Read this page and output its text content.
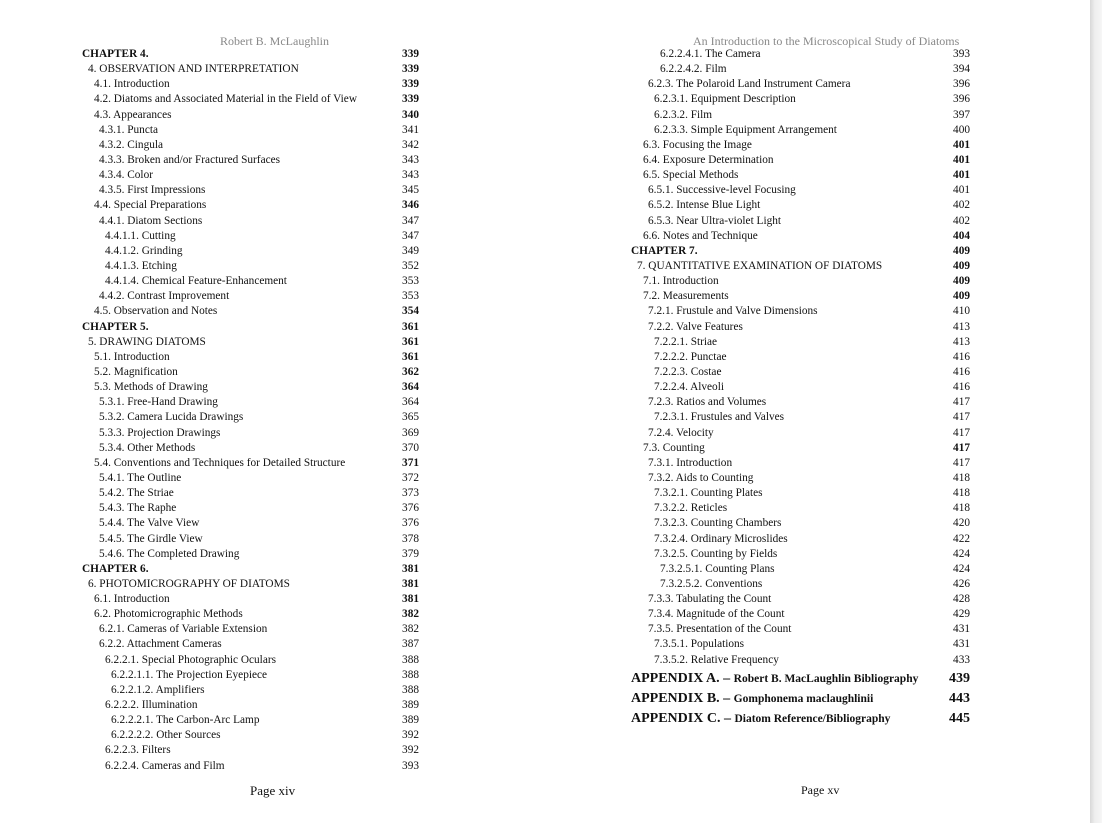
Robert B. McLaughlin
CHAPTER 4.	339
4. OBSERVATION AND INTERPRETATION	339
4.1. Introduction	339
4.2. Diatoms and Associated Material in the Field of View	339
4.3. Appearances	340
4.3.1. Puncta	341
4.3.2. Cingula	342
4.3.3. Broken and/or Fractured Surfaces	343
4.3.4. Color	343
4.3.5. First Impressions	345
4.4. Special Preparations	346
4.4.1. Diatom Sections	347
4.4.1.1. Cutting	347
4.4.1.2. Grinding	349
4.4.1.3. Etching	352
4.4.1.4. Chemical Feature-Enhancement	353
4.4.2. Contrast Improvement	353
4.5. Observation and Notes	354
CHAPTER 5.	361
5. DRAWING DIATOMS	361
5.1. Introduction	361
5.2. Magnification	362
5.3. Methods of Drawing	364
5.3.1. Free-Hand Drawing	364
5.3.2. Camera Lucida Drawings	365
5.3.3. Projection Drawings	369
5.3.4. Other Methods	370
5.4. Conventions and Techniques for Detailed Structure	371
5.4.1. The Outline	372
5.4.2. The Striae	373
5.4.3. The Raphe	376
5.4.4. The Valve View	376
5.4.5. The Girdle View	378
5.4.6. The Completed Drawing	379
CHAPTER 6.	381
6. PHOTOMICROGRAPHY OF DIATOMS	381
6.1. Introduction	381
6.2. Photomicrographic Methods	382
6.2.1. Cameras of Variable Extension	382
6.2.2. Attachment Cameras	387
6.2.2.1. Special Photographic Oculars	388
6.2.2.1.1. The Projection Eyepiece	388
6.2.2.1.2. Amplifiers	388
6.2.2.2. Illumination	389
6.2.2.2.1. The Carbon-Arc Lamp	389
6.2.2.2.2. Other Sources	392
6.2.2.3. Filters	392
6.2.2.4. Cameras and Film	393
Page xiv
An Introduction to the Microscopical Study of Diatoms
6.2.2.4.1. The Camera	393
6.2.2.4.2. Film	394
6.2.3. The Polaroid Land Instrument Camera	396
6.2.3.1. Equipment Description	396
6.2.3.2. Film	397
6.2.3.3. Simple Equipment Arrangement	400
6.3. Focusing the Image	401
6.4. Exposure Determination	401
6.5. Special Methods	401
6.5.1. Successive-level Focusing	401
6.5.2. Intense Blue Light	402
6.5.3. Near Ultra-violet Light	402
6.6. Notes and Technique	404
CHAPTER 7.	409
7. QUANTITATIVE EXAMINATION OF DIATOMS	409
7.1. Introduction	409
7.2. Measurements	409
7.2.1. Frustule and Valve Dimensions	410
7.2.2. Valve Features	413
7.2.2.1. Striae	413
7.2.2.2. Punctae	416
7.2.2.3. Costae	416
7.2.2.4. Alveoli	416
7.2.3. Ratios and Volumes	417
7.2.3.1. Frustules and Valves	417
7.2.4. Velocity	417
7.3. Counting	417
7.3.1. Introduction	417
7.3.2. Aids to Counting	418
7.3.2.1. Counting Plates	418
7.3.2.2. Reticles	418
7.3.2.3. Counting Chambers	420
7.3.2.4. Ordinary Microslides	422
7.3.2.5. Counting by Fields	424
7.3.2.5.1. Counting Plans	424
7.3.2.5.2. Conventions	426
7.3.3. Tabulating the Count	428
7.3.4. Magnitude of the Count	429
7.3.5. Presentation of the Count	431
7.3.5.1. Populations	431
7.3.5.2. Relative Frequency	433
APPENDIX A. – Robert B. MacLaughlin Bibliography 439
APPENDIX B. – Gomphonema maclaughlinii	443
APPENDIX C. – Diatom Reference/Bibliography	445
Page xv
